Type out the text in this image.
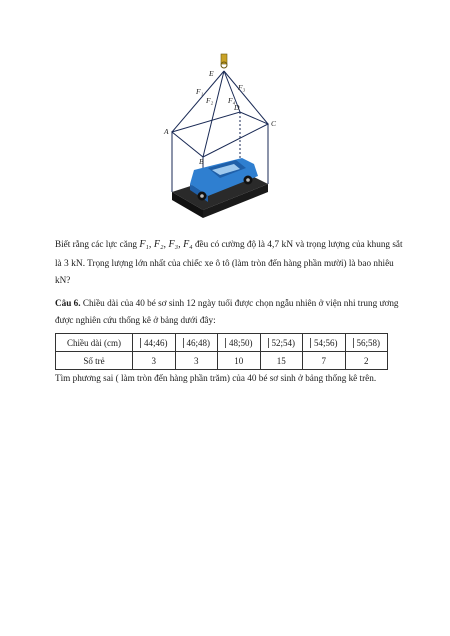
E
A
B
C
D
F₁
F₂
F₃
F₄
Biết rằng các lực căng F₁, F₂, F₃, F₄ đều có cường độ là 4,7 kN và trọng lượng của khung sắt
là 3 kN. Trọng lượng lớn nhất của chiếc xe ô tô (làm tròn đến hàng phần mười) là bao nhiêu
kN?
Câu 6. Chiều dài của 40 bé sơ sinh 12 ngày tuổi được chọn ngẫu nhiên ở viện nhi trung ương
được nghiên cứu thống kê ở bảng dưới đây:
Chiều dài (cm)	44;46)	46;48)	48;50)	52;54)	54;56)	56;58)
Số trẻ	3	3	10	15	7	2
Tìm phương sai ( làm tròn đến hàng phần trăm) của 40 bé sơ sinh ở bảng thống kê trên.
